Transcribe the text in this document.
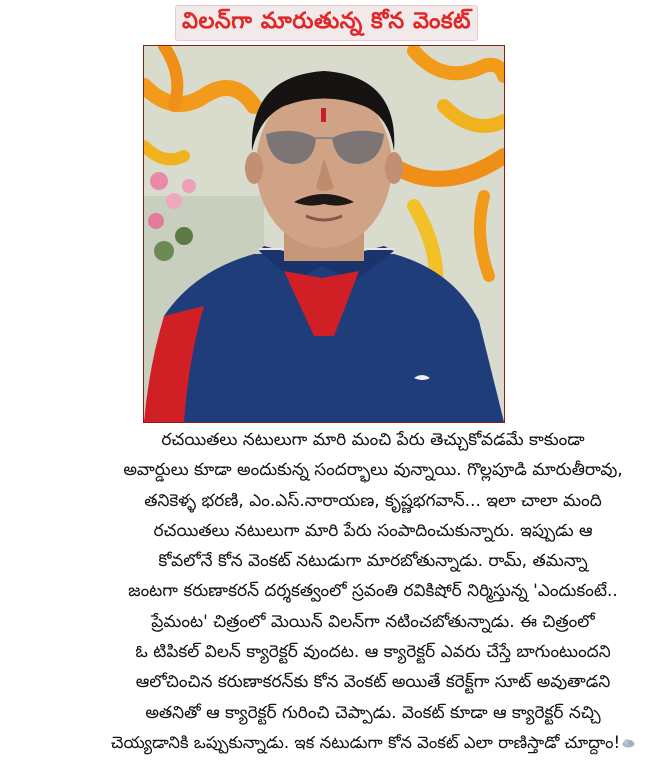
విలన్‌గా మారుతున్న కోన వెంకట్
రచయితలు నటులుగా మారి మంచి పేరు తెచ్చుకోవడమే కాకుండా
అవార్డులు కూడా అందుకున్న సందర్భాలు వున్నాయి. గొల్లపూడి మారుతీరావు,
తనికెళ్ళ భరణి, ఎం.ఎస్.నారాయణ, కృష్ణభగవాన్... ఇలా చాలా మంది
రచయితలు నటులుగా మారి పేరు సంపాదించుకున్నారు. ఇప్పుడు ఆ
కోవలోనే కోన వెంకట్ నటుడుగా మారబోతున్నాడు. రామ్, తమన్నా
జంటగా కరుణాకరన్ దర్శకత్వంలో స్రవంతి రవికిషోర్ నిర్మిస్తున్న 'ఎందుకంటే..
ప్రేమంట' చిత్రంలో మెయిన్ విలన్‌గా నటించబోతున్నాడు. ఈ చిత్రంలో
ఓ టిపికల్ విలన్ క్యారెక్టర్ వుందట. ఆ క్యారెక్టర్ ఎవరు చేస్తే బాగుంటుందని
ఆలోచించిన కరుణాకరన్‌కు కోన వెంకట్ అయితే కరెక్ట్‌గా సూట్ అవుతాడని
అతనితో ఆ క్యారెక్టర్ గురించి చెప్పాడు. వెంకట్ కూడా ఆ క్యారెక్టర్ నచ్చి
చెయ్యడానికి ఒప్పుకున్నాడు. ఇక నటుడుగా కోన వెంకట్ ఎలా రాణిస్తాడో చూద్దాం!
